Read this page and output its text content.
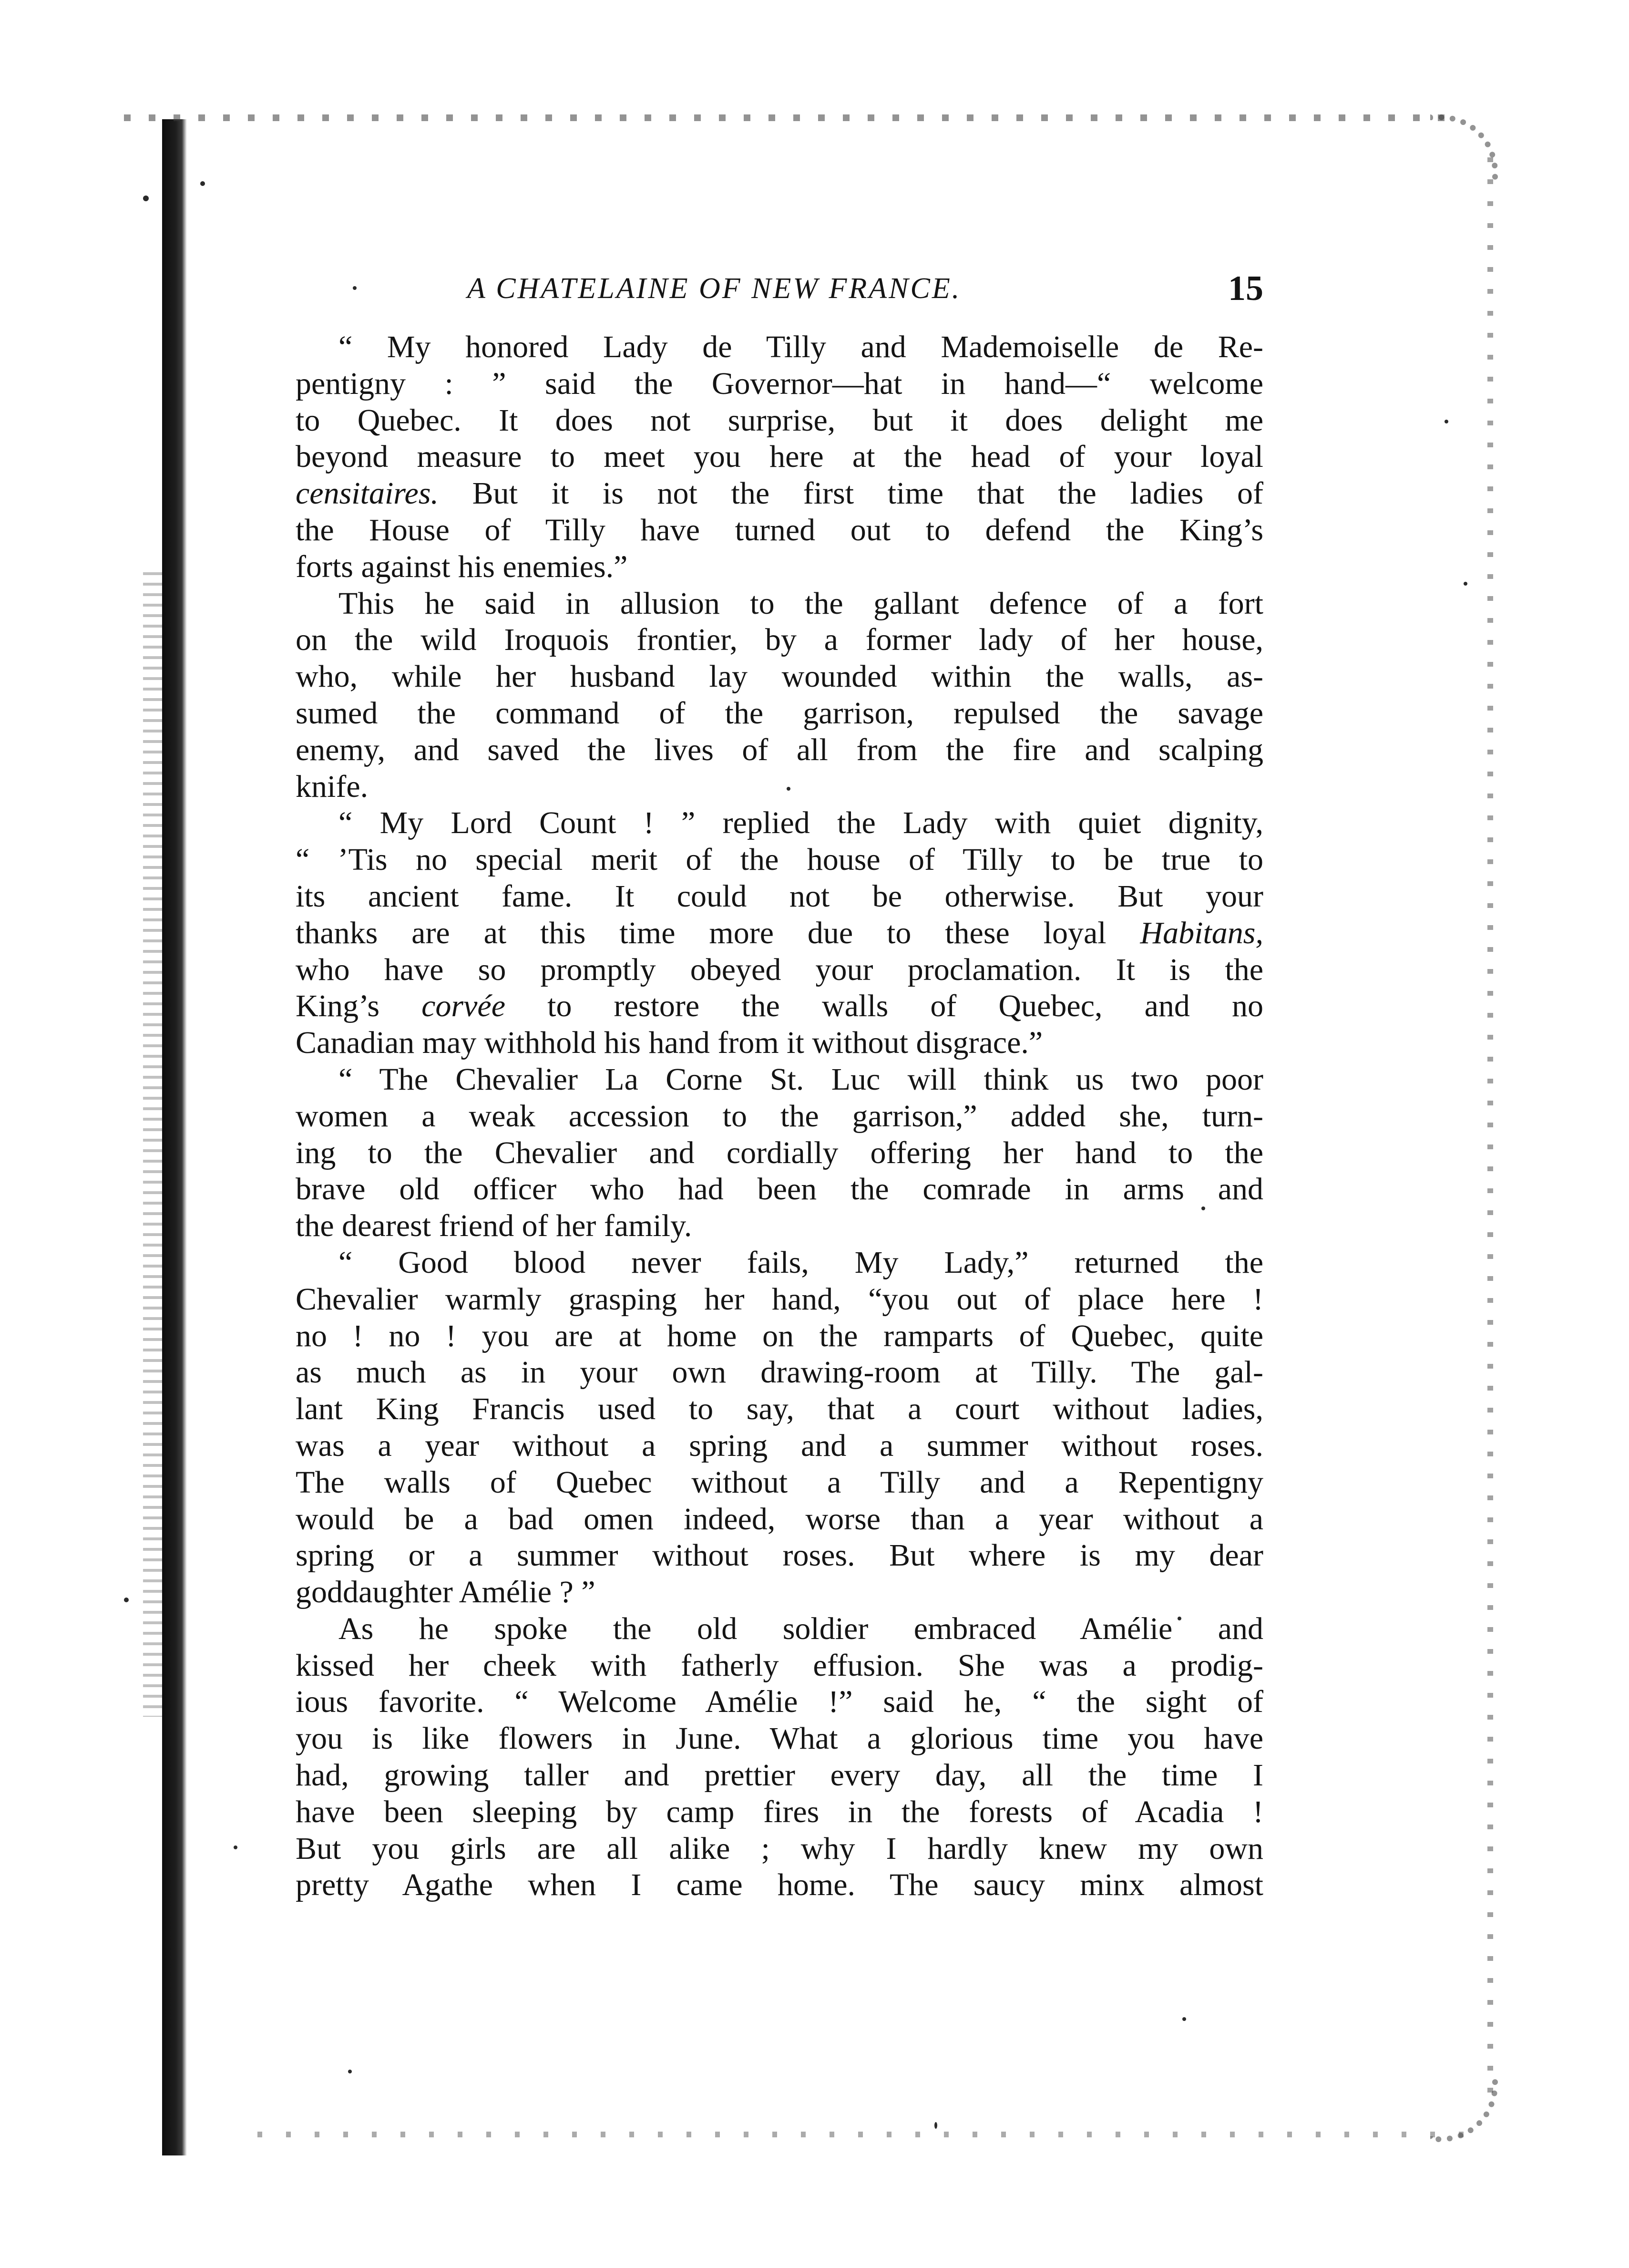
A CHATELAINE OF NEW FRANCE.	15
“ My honored Lady de Tilly and Mademoiselle de Re-
pentigny : ” said the Governor—hat in hand—“ welcome
to Quebec. It does not surprise, but it does delight me
beyond measure to meet you here at the head of your loyal
censitaires. But it is not the first time that the ladies of
the House of Tilly have turned out to defend the King’s
forts against his enemies.”
This he said in allusion to the gallant defence of a fort
on the wild Iroquois frontier, by a former lady of her house,
who, while her husband lay wounded within the walls, as-
sumed the command of the garrison, repulsed the savage
enemy, and saved the lives of all from the fire and scalping
knife.
“ My Lord Count ! ” replied the Lady with quiet dignity,
“ ’Tis no special merit of the house of Tilly to be true to
its ancient fame. It could not be otherwise. But your
thanks are at this time more due to these loyal Habitans,
who have so promptly obeyed your proclamation. It is the
King’s corvée to restore the walls of Quebec, and no
Canadian may withhold his hand from it without disgrace.”
“ The Chevalier La Corne St. Luc will think us two poor
women a weak accession to the garrison,” added she, turn-
ing to the Chevalier and cordially offering her hand to the
brave old officer who had been the comrade in arms and
the dearest friend of her family.
“ Good blood never fails, My Lady,” returned the
Chevalier warmly grasping her hand, “you out of place here !
no ! no ! you are at home on the ramparts of Quebec, quite
as much as in your own drawing-room at Tilly. The gal-
lant King Francis used to say, that a court without ladies,
was a year without a spring and a summer without roses.
The walls of Quebec without a Tilly and a Repentigny
would be a bad omen indeed, worse than a year without a
spring or a summer without roses. But where is my dear
goddaughter Amélie ? ”
As he spoke the old soldier embraced Amélie and
kissed her cheek with fatherly effusion. She was a prodig-
ious favorite. “ Welcome Amélie !” said he, “ the sight of
you is like flowers in June. What a glorious time you have
had, growing taller and prettier every day, all the time I
have been sleeping by camp fires in the forests of Acadia !
But you girls are all alike ; why I hardly knew my own
pretty Agathe when I came home. The saucy minx almost
